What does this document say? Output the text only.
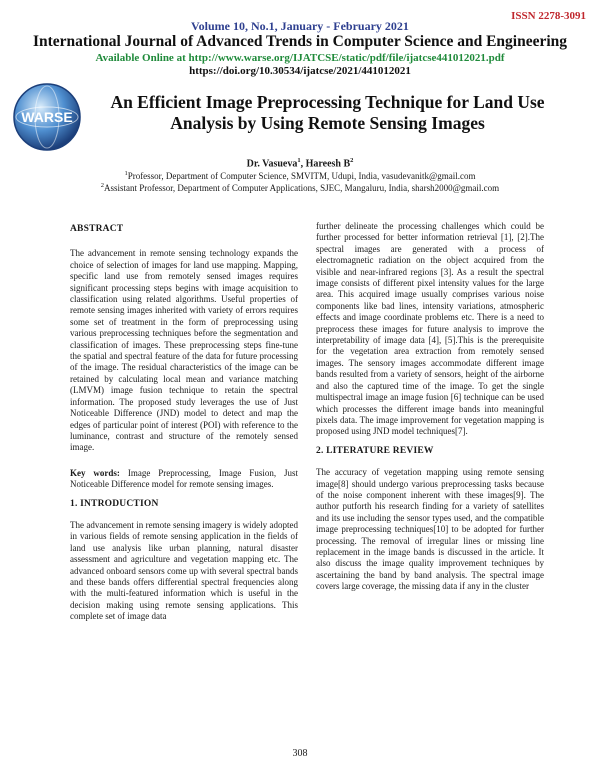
ISSN 2278-3091
Volume 10, No.1, January - February 2021
International Journal of Advanced Trends in Computer Science and Engineering
Available Online at http://www.warse.org/IJATCSE/static/pdf/file/ijatcse441012021.pdf
https://doi.org/10.30534/ijatcse/2021/441012021
WARSE
An Efficient Image Preprocessing Technique for Land Use Analysis by Using Remote Sensing Images
Dr. Vasueva$^1$, Hareesh $B^2$
$^1$Professor, Department of Computer Science, SMVITM, Udupi, India, vasudevanitk@gmail.com
$^2$Assistant Professor, Department of Computer Applications, SJEC, Mangaluru, India, sharsh2000@gmail.com
ABSTRACT

The advancement in remote sensing technology expands the choice of selection of images for land use mapping. Mapping, specific land use from remotely sensed images requires significant processing steps begins with image acquisition to classification using related algorithms. Useful properties of remote sensing images inherited with variety of errors requires some set of treatment in the form of preprocessing using various preprocessing techniques before the segmentation and classification of images. These preprocessing steps fine-tune the spatial and spectral feature of the data for future processing of the image. The residual characteristics of the image can be retained by calculating local mean and variance matching (LMVM) image fusion technique to retain the spectral information. The proposed study leverages the use of Just Noticeable Difference (JND) model to detect and map the edges of particular point of interest (POI) with reference to the luminance, contrast and structure of the remotely sensed image.

Key words: Image Preprocessing, Image Fusion, Just Noticeable Difference model for remote sensing images.

1. INTRODUCTION

The advancement in remote sensing imagery is widely adopted in various fields of remote sensing application in the fields of land use analysis like urban planning, natural disaster assessment and agriculture and vegetation mapping etc. The advanced onboard sensors come up with several spectral bands and these bands offers differential spectral frequencies along with the multi-featured information which is useful in the decision making using remote sensing applications. This complete set of image data

further delineate the processing challenges which could be further processed for better information retrieval [1], [2].The spectral images are generated with a process of electromagnetic radiation on the object acquired from the visible and near-infrared regions [3]. As a result the spectral image consists of different pixel intensity values for the large area. This acquired image usually comprises various noise components like bad lines, intensity variations, atmospheric effects and image coordinate problems etc. There is a need to preprocess these images for future analysis to improve the interpretability of image data [4], [5].This is the prerequisite for the vegetation area extraction from remotely sensed images. The sensory images accommodate different image bands resulted from a variety of sensors, height of the airborne and also the captured time of the image. To get the single multispectral image an image fusion [6] technique can be used which processes the different image bands into meaningful pixels data. The image improvement for vegetation mapping is proposed using JND model techniques[7].

2. LITERATURE REVIEW

The accuracy of vegetation mapping using remote sensing image[8] should undergo various preprocessing tasks because of the noise component inherent with these images[9]. The author putforth his research finding for a variety of satellites and its use including the sensor types used, and the compatible image preprocessing techniques[10] to be adopted for further processing. The removal of irregular lines or missing line replacement in the image bands is discussed in the article. It also discuss the image quality improvement techniques by ascertaining the band by band analysis. The spectral image covers large coverage, the missing data if any in the cluster

308
